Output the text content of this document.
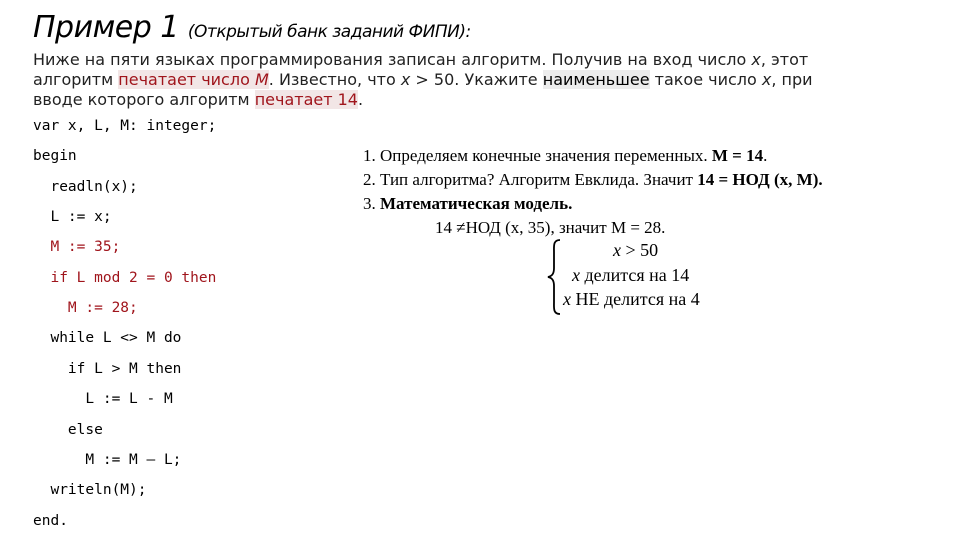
Пример 1 (Открытый банк заданий ФИПИ):
Ниже на пяти языках программирования записан алгоритм. Получив на вход число x, этот алгоритм печатает число M. Известно, что x > 50. Укажите наименьшее такое число x, при вводе которого алгоритм печатает 14.
var x, L, M: integer;
begin
readln(x);
L := x;
M := 35;
if L mod 2 = 0 then
M := 28;
while L <> M do
if L > M then
L := L - M
else
M := M – L;
writeln(M);
end.
1. Определяем конечные значения переменных. M = 14.
2. Тип алгоритма? Алгоритм Евклида. Значит 14 = НОД (x, M).
3. Математическая модель.
14 ≠НОД (x, 35), значит M = 28.
x > 50
x делится на 14
x НЕ делится на 4
